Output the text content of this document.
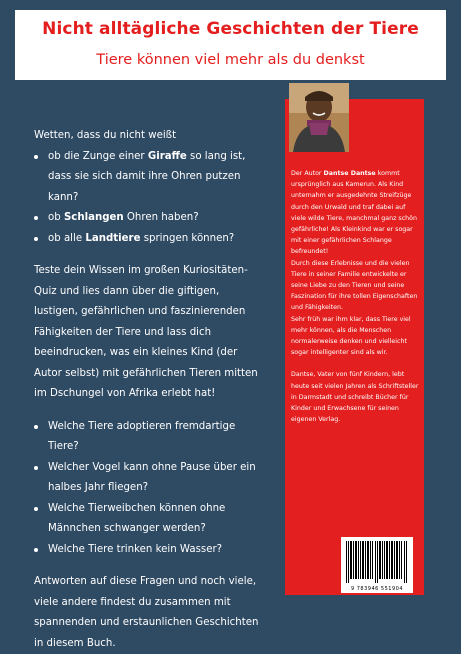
Nicht alltägliche Geschichten der Tiere
Tiere können viel mehr als du denkst

Wetten, dass du nicht weißt

ob die Zunge einer Giraffe so lang ist, dass sie sich damit ihre Ohren putzen kann?
ob Schlangen Ohren haben?
ob alle Landtiere springen können?

Teste dein Wissen im großen Kuriositäten-Quiz und lies dann über die giftigen, lustigen, gefährlichen und faszinierenden Fähigkeiten der Tiere und lass dich beeindrucken, was ein kleines Kind (der Autor selbst) mit gefährlichen Tieren mitten im Dschungel von Afrika erlebt hat!

Welche Tiere adoptieren fremdartige Tiere?
Welcher Vogel kann ohne Pause über ein halbes Jahr fliegen?
Welche Tierweibchen können ohne Männchen schwanger werden?
Welche Tiere trinken kein Wasser?

Antworten auf diese Fragen und noch viele, viele andere findest du zusammen mit spannenden und erstaunlichen Geschichten in diesem Buch.

Der Autor Dantse Dantse kommt ursprünglich aus Kamerun. Als Kind unternahm er ausgedehnte Streifzüge durch den Urwald und traf dabei auf viele wilde Tiere, manchmal ganz schön gefährliche! Als Kleinkind war er sogar mit einer gefährlichen Schlange befreundet!

Durch diese Erlebnisse und die vielen Tiere in seiner Familie entwickelte er seine Liebe zu den Tieren und seine Faszination für ihre tollen Eigenschaften und Fähigkeiten.

Sehr früh war ihm klar, dass Tiere viel mehr können, als die Menschen normalerweise denken und vielleicht sogar intelligenter sind als wir.

Dantse, Vater von fünf Kindern, lebt heute seit vielen Jahren als Schriftsteller in Darmstadt und schreibt Bücher für Kinder und Erwachsene für seinen eigenen Verlag.

9 783946 551904
